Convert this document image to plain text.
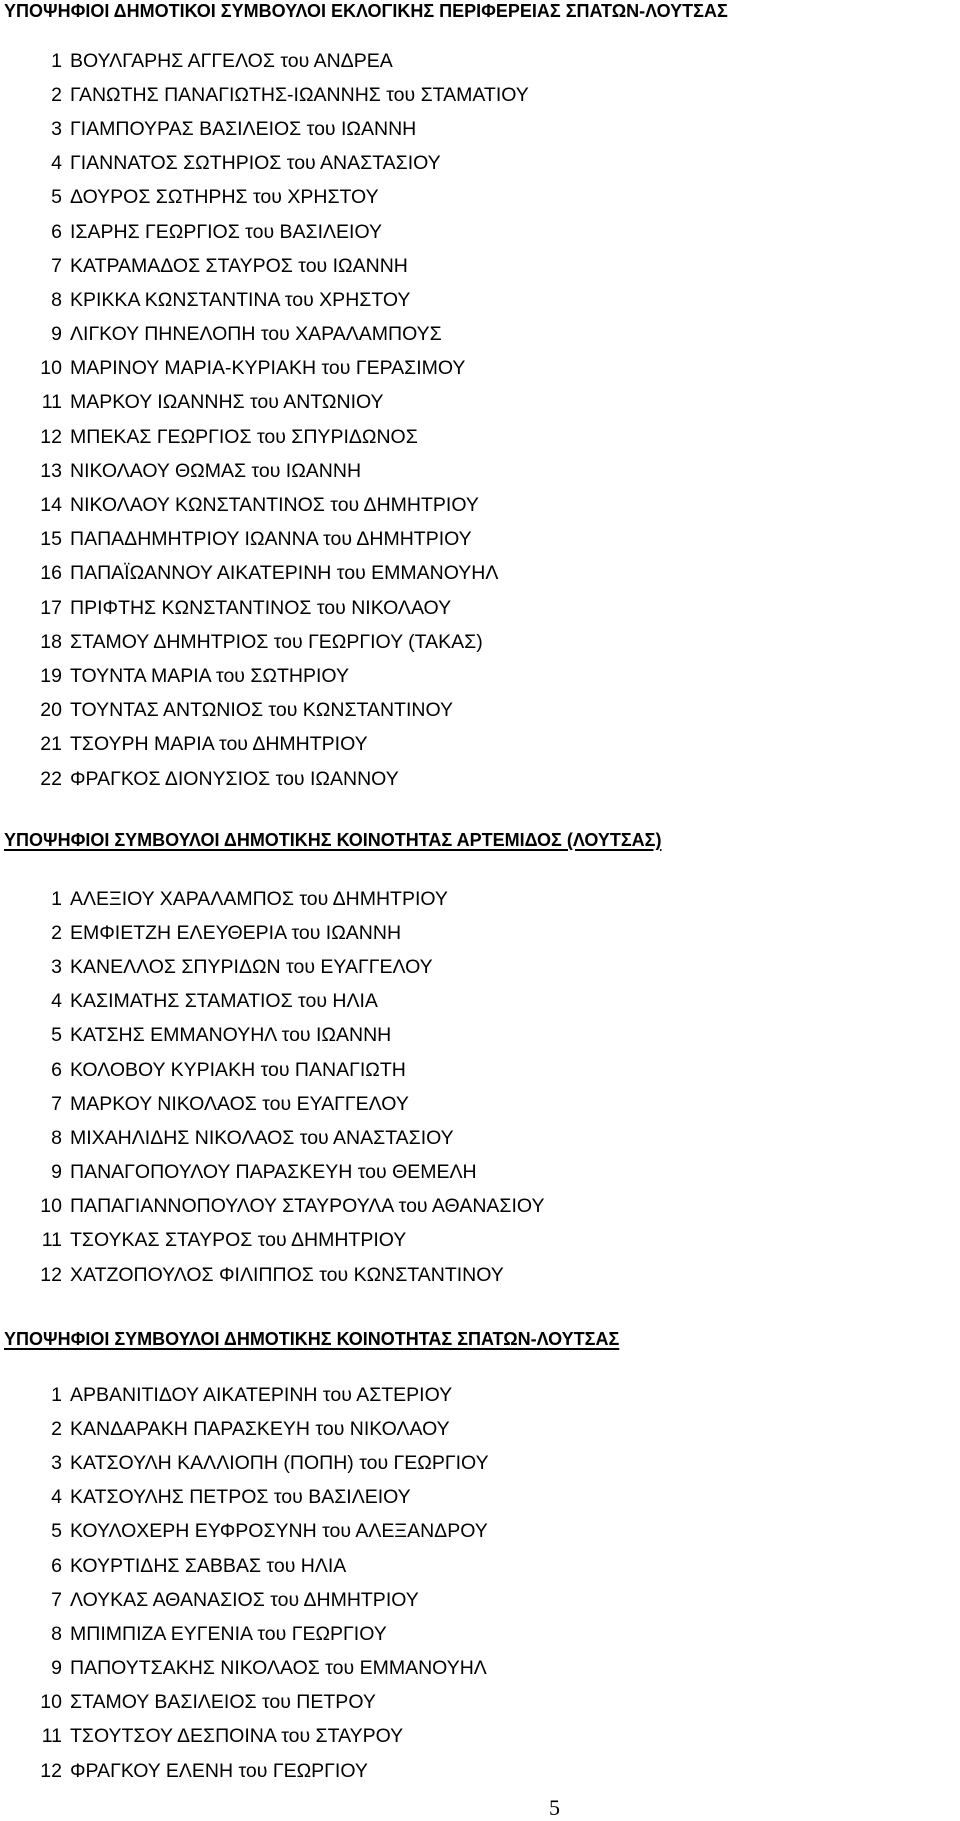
ΥΠΟΨΗΦΙΟΙ ΔΗΜΟΤΙΚΟΙ ΣΥΜΒΟΥΛΟΙ ΕΚΛΟΓΙΚΗΣ ΠΕΡΙΦΕΡΕΙΑΣ ΣΠΑΤΩΝ-ΛΟΥΤΣΑΣ
1 ΒΟΥΛΓΑΡΗΣ ΑΓΓΕΛΟΣ του ΑΝΔΡΕΑ
2 ΓΑΝΩΤΗΣ ΠΑΝΑΓΙΩΤΗΣ-ΙΩΑΝΝΗΣ του ΣΤΑΜΑΤΙΟΥ
3 ΓΙΑΜΠΟΥΡΑΣ ΒΑΣΙΛΕΙΟΣ του ΙΩΑΝΝΗ
4 ΓΙΑΝΝΑΤΟΣ ΣΩΤΗΡΙΟΣ του ΑΝΑΣΤΑΣΙΟΥ
5 ΔΟΥΡΟΣ ΣΩΤΗΡΗΣ του ΧΡΗΣΤΟΥ
6 ΙΣΑΡΗΣ ΓΕΩΡΓΙΟΣ του ΒΑΣΙΛΕΙΟΥ
7 ΚΑΤΡΑΜΑΔΟΣ ΣΤΑΥΡΟΣ του ΙΩΑΝΝΗ
8 ΚΡΙΚΚΑ ΚΩΝΣΤΑΝΤΙΝΑ του ΧΡΗΣΤΟΥ
9 ΛΙΓΚΟΥ ΠΗΝΕΛΟΠΗ του ΧΑΡΑΛΑΜΠΟΥΣ
10 ΜΑΡΙΝΟΥ ΜΑΡΙΑ-ΚΥΡΙΑΚΗ του ΓΕΡΑΣΙΜΟΥ
11 ΜΑΡΚΟΥ ΙΩΑΝΝΗΣ του ΑΝΤΩΝΙΟΥ
12 ΜΠΕΚΑΣ ΓΕΩΡΓΙΟΣ του ΣΠΥΡΙΔΩΝΟΣ
13 ΝΙΚΟΛΑΟΥ ΘΩΜΑΣ του ΙΩΑΝΝΗ
14 ΝΙΚΟΛΑΟΥ ΚΩΝΣΤΑΝΤΙΝΟΣ του ΔΗΜΗΤΡΙΟΥ
15 ΠΑΠΑΔΗΜΗΤΡΙΟΥ ΙΩΑΝΝΑ του ΔΗΜΗΤΡΙΟΥ
16 ΠΑΠΑΪΩΑΝΝΟΥ ΑΙΚΑΤΕΡΙΝΗ του ΕΜΜΑΝΟΥΗΛ
17 ΠΡΙΦΤΗΣ ΚΩΝΣΤΑΝΤΙΝΟΣ του ΝΙΚΟΛΑΟΥ
18 ΣΤΑΜΟΥ ΔΗΜΗΤΡΙΟΣ του ΓΕΩΡΓΙΟΥ (ΤΑΚΑΣ)
19 ΤΟΥΝΤΑ ΜΑΡΙΑ του ΣΩΤΗΡΙΟΥ
20 ΤΟΥΝΤΑΣ ΑΝΤΩΝΙΟΣ του ΚΩΝΣΤΑΝΤΙΝΟΥ
21 ΤΣΟΥΡΗ ΜΑΡΙΑ του ΔΗΜΗΤΡΙΟΥ
22 ΦΡΑΓΚΟΣ ΔΙΟΝΥΣΙΟΣ του ΙΩΑΝΝΟΥ
ΥΠΟΨΗΦΙΟΙ ΣΥΜΒΟΥΛΟΙ ΔΗΜΟΤΙΚΗΣ ΚΟΙΝΟΤΗΤΑΣ ΑΡΤΕΜΙΔΟΣ (ΛΟΥΤΣΑΣ)
1 ΑΛΕΞΙΟΥ ΧΑΡΑΛΑΜΠΟΣ του ΔΗΜΗΤΡΙΟΥ
2 ΕΜΦΙΕΤΖΗ ΕΛΕΥΘΕΡΙΑ του ΙΩΑΝΝΗ
3 ΚΑΝΕΛΛΟΣ ΣΠΥΡΙΔΩΝ του ΕΥΑΓΓΕΛΟΥ
4 ΚΑΣΙΜΑΤΗΣ ΣΤΑΜΑΤΙΟΣ του ΗΛΙΑ
5 ΚΑΤΣΗΣ ΕΜΜΑΝΟΥΗΛ του ΙΩΑΝΝΗ
6 ΚΟΛΟΒΟΥ ΚΥΡΙΑΚΗ του ΠΑΝΑΓΙΩΤΗ
7 ΜΑΡΚΟΥ ΝΙΚΟΛΑΟΣ του ΕΥΑΓΓΕΛΟΥ
8 ΜΙΧΑΗΛΙΔΗΣ ΝΙΚΟΛΑΟΣ του ΑΝΑΣΤΑΣΙΟΥ
9 ΠΑΝΑΓΟΠΟΥΛΟΥ ΠΑΡΑΣΚΕΥΗ του ΘΕΜΕΛΗ
10 ΠΑΠΑΓΙΑΝΝΟΠΟΥΛΟΥ ΣΤΑΥΡΟΥΛΑ του ΑΘΑΝΑΣΙΟΥ
11 ΤΣΟΥΚΑΣ ΣΤΑΥΡΟΣ του ΔΗΜΗΤΡΙΟΥ
12 ΧΑΤΖΟΠΟΥΛΟΣ ΦΙΛΙΠΠΟΣ του ΚΩΝΣΤΑΝΤΙΝΟΥ
ΥΠΟΨΗΦΙΟΙ ΣΥΜΒΟΥΛΟΙ ΔΗΜΟΤΙΚΗΣ ΚΟΙΝΟΤΗΤΑΣ ΣΠΑΤΩΝ-ΛΟΥΤΣΑΣ
1 ΑΡΒΑΝΙΤΙΔΟΥ ΑΙΚΑΤΕΡΙΝΗ του ΑΣΤΕΡΙΟΥ
2 ΚΑΝΔΑΡΑΚΗ ΠΑΡΑΣΚΕΥΗ του ΝΙΚΟΛΑΟΥ
3 ΚΑΤΣΟΥΛΗ ΚΑΛΛΙΟΠΗ (ΠΟΠΗ) του ΓΕΩΡΓΙΟΥ
4 ΚΑΤΣΟΥΛΗΣ ΠΕΤΡΟΣ του ΒΑΣΙΛΕΙΟΥ
5 ΚΟΥΛΟΧΕΡΗ ΕΥΦΡΟΣΥΝΗ του ΑΛΕΞΑΝΔΡΟΥ
6 ΚΟΥΡΤΙΔΗΣ ΣΑΒΒΑΣ του ΗΛΙΑ
7 ΛΟΥΚΑΣ ΑΘΑΝΑΣΙΟΣ του ΔΗΜΗΤΡΙΟΥ
8 ΜΠΙΜΠΙΖΑ ΕΥΓΕΝΙΑ του ΓΕΩΡΓΙΟΥ
9 ΠΑΠΟΥΤΣΑΚΗΣ ΝΙΚΟΛΑΟΣ του ΕΜΜΑΝΟΥΗΛ
10 ΣΤΑΜΟΥ ΒΑΣΙΛΕΙΟΣ του ΠΕΤΡΟΥ
11 ΤΣΟΥΤΣΟΥ ΔΕΣΠΟΙΝΑ του ΣΤΑΥΡΟΥ
12 ΦΡΑΓΚΟΥ ΕΛΕΝΗ του ΓΕΩΡΓΙΟΥ
5
